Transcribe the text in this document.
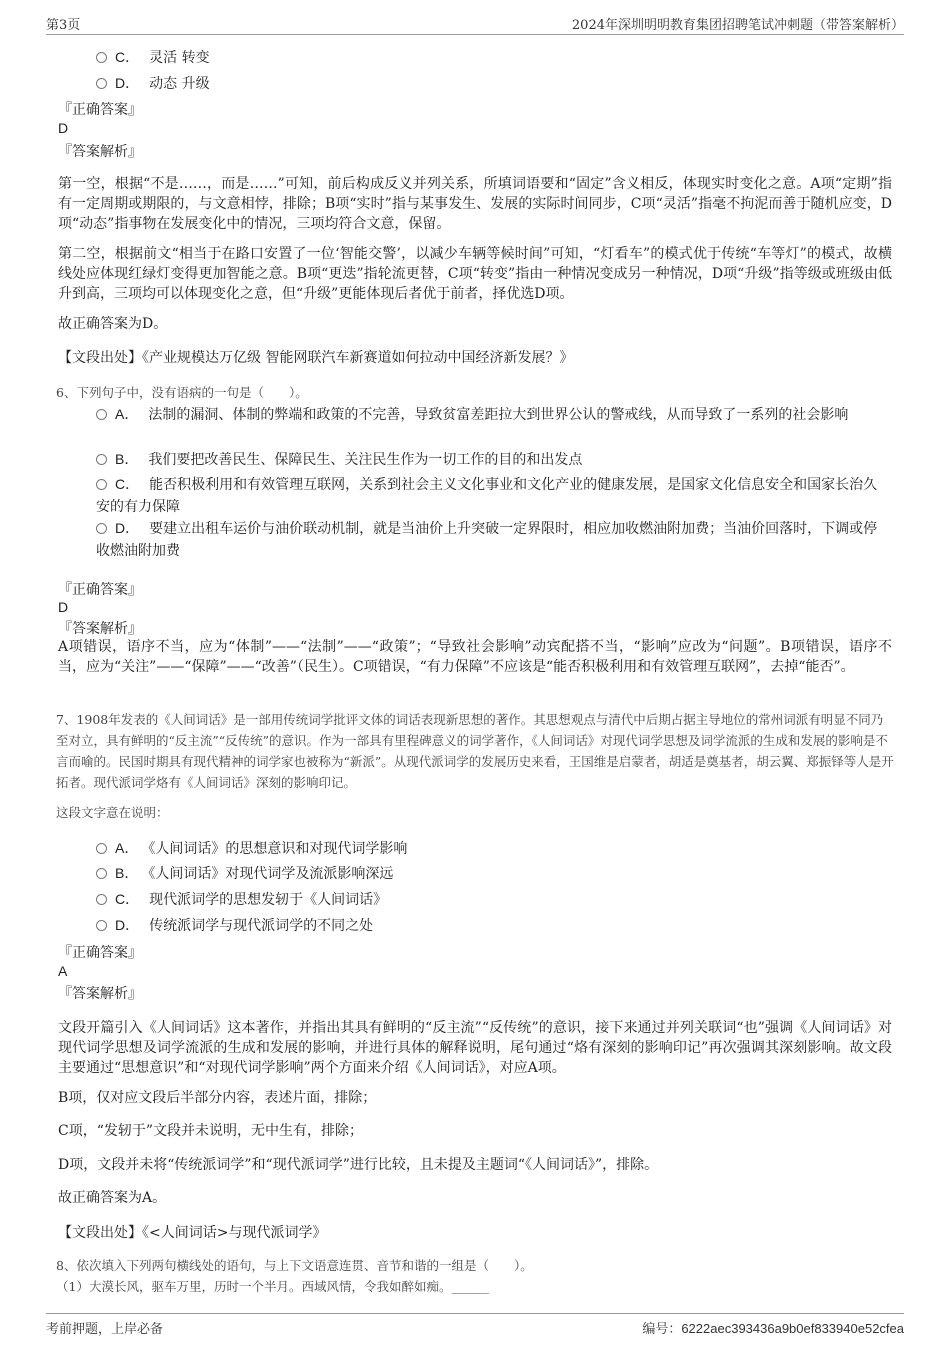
第3页	2024年深圳明明教育集团招聘笔试冲刺题（带答案解析）
C． 灵活 转变
D． 动态 升级
『正确答案』
D
『答案解析』
第一空，根据“不是……，而是……”可知，前后构成反义并列关系，所填词语要和“固定”含义相反，体现实时变化之意。A项“定期”指有一定周期或期限的，与文意相悖，排除；B项“实时”指与某事发生、发展的实际时间同步，C项“灵活”指毫不拘泥而善于随机应变，D项“动态”指事物在发展变化中的情况，三项均符合文意，保留。
第二空，根据前文“相当于在路口安置了一位‘智能交警’，以减少车辆等候时间”可知，“灯看车”的模式优于传统“车等灯”的模式，故横线处应体现红绿灯变得更加智能之意。B项“更迭”指轮流更替，C项“转变”指由一种情况变成另一种情况，D项“升级”指等级或班级由低升到高，三项均可以体现变化之意，但“升级”更能体现后者优于前者，择优选D项。
故正确答案为D。
【文段出处】《产业规模达万亿级 智能网联汽车新赛道如何拉动中国经济新发展？》
6、下列句子中，没有语病的一句是（　　）。
A． 法制的漏洞、体制的弊端和政策的不完善，导致贫富差距拉大到世界公认的警戒线，从而导致了一系列的社会影响
B． 我们要把改善民生、保障民生、关注民生作为一切工作的目的和出发点
C． 能否积极利用和有效管理互联网，关系到社会主义文化事业和文化产业的健康发展，是国家文化信息安全和国家长治久安的有力保障
D． 要建立出租车运价与油价联动机制，就是当油价上升突破一定界限时，相应加收燃油附加费；当油价回落时，下调或停收燃油附加费
『正确答案』
D
『答案解析』
A项错误，语序不当，应为“体制”——“法制”——“政策”；“导致社会影响”动宾配搭不当，“影响”应改为“问题”。B项错误，语序不当，应为“关注”——“保障”——“改善”（民生）。C项错误，“有力保障”不应该是“能否积极利用和有效管理互联网”，去掉“能否”。
7、1908年发表的《人间词话》是一部用传统词学批评文体的词话表现新思想的著作。其思想观点与清代中后期占据主导地位的常州词派有明显不同乃至对立，具有鲜明的“反主流”“反传统”的意识。作为一部具有里程碑意义的词学著作，《人间词话》对现代词学思想及词学流派的生成和发展的影响是不言而喻的。民国时期具有现代精神的词学家也被称为“新派”。从现代派词学的发展历史来看，王国维是启蒙者，胡适是奠基者，胡云翼、郑振铎等人是开拓者。现代派词学烙有《人间词话》深刻的影响印记。
这段文字意在说明：
A． 《人间词话》的思想意识和对现代词学影响
B． 《人间词话》对现代词学及流派影响深远
C． 现代派词学的思想发轫于《人间词话》
D． 传统派词学与现代派词学的不同之处
『正确答案』
A
『答案解析』
文段开篇引入《人间词话》这本著作，并指出其具有鲜明的“反主流”“反传统”的意识，接下来通过并列关联词“也”强调《人间词话》对现代词学思想及词学流派的生成和发展的影响，并进行具体的解释说明，尾句通过“烙有深刻的影响印记”再次强调其深刻影响。故文段主要通过“思想意识”和“对现代词学影响”两个方面来介绍《人间词话》，对应A项。
B项，仅对应文段后半部分内容，表述片面，排除；
C项，“发轫于”文段并未说明，无中生有，排除；
D项，文段并未将“传统派词学”和“现代派词学”进行比较，且未提及主题词“《人间词话》”，排除。
故正确答案为A。
【文段出处】《<人间词话>与现代派词学》
8、依次填入下列两句横线处的语句，与上下文语意连贯、音节和谐的一组是（　　）。
（1）大漠长风，驱车万里，历时一个半月。西域风情，令我如醉如痴。______
考前押题，上岸必备	编号：6222aec393436a9b0ef833940e52cfea
